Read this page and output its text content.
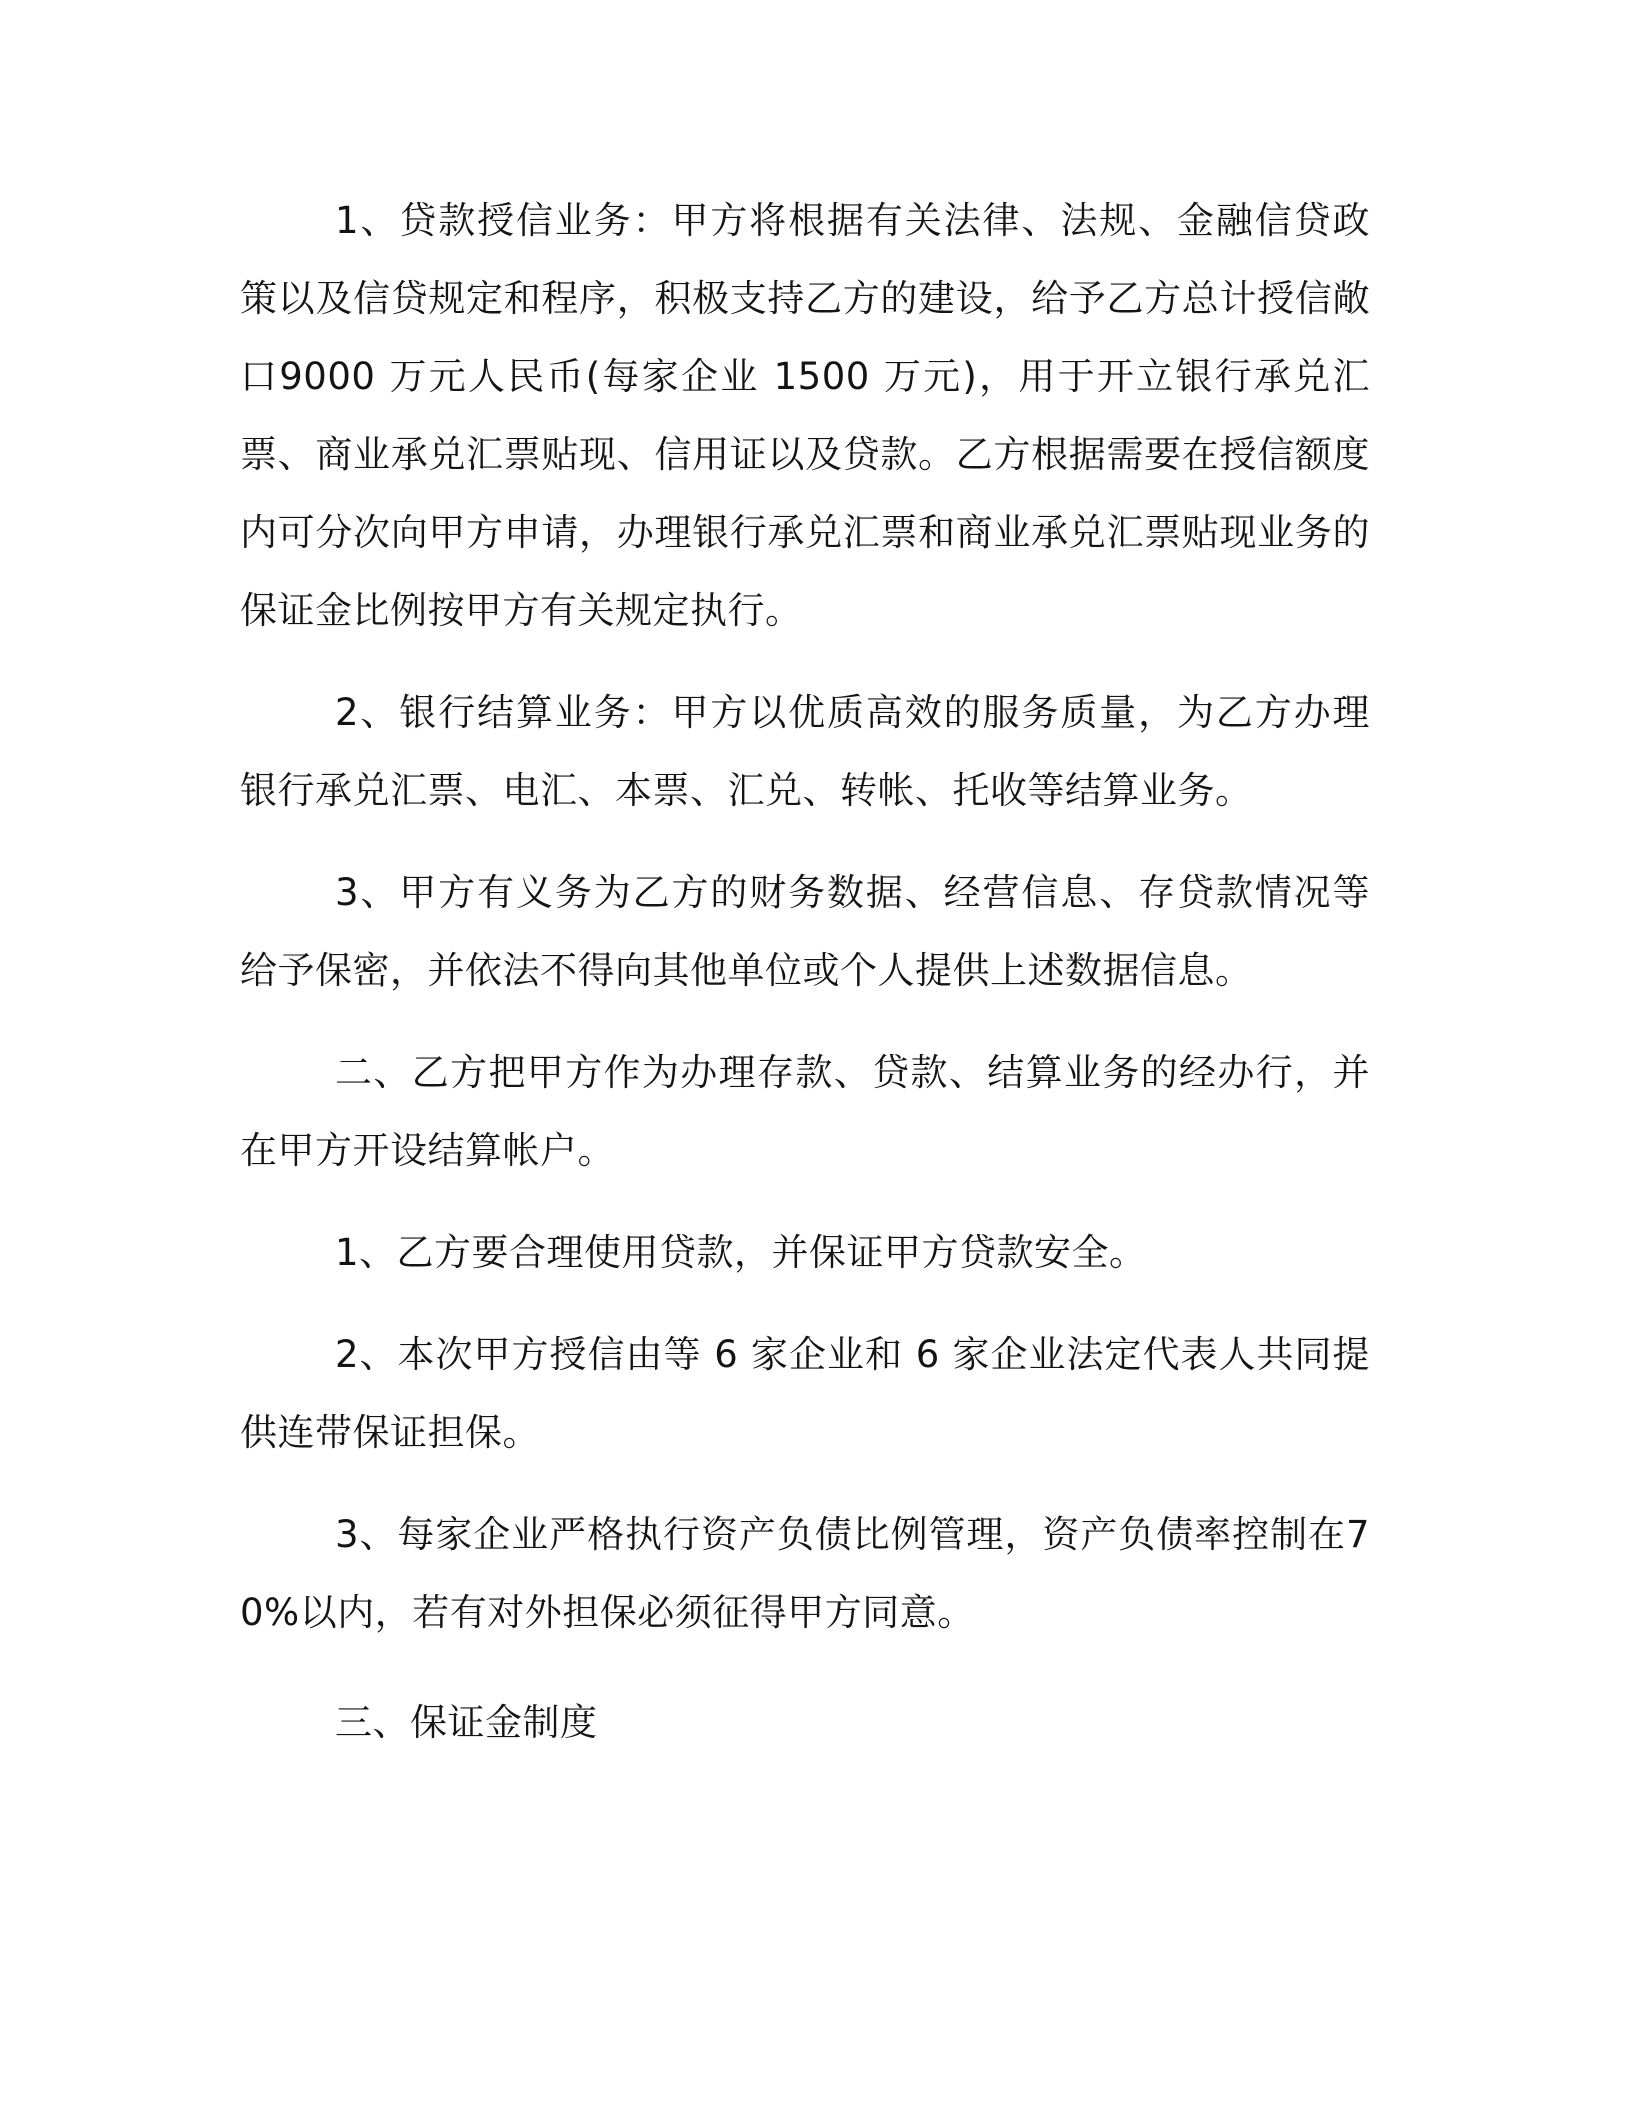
1、贷款授信业务：甲方将根据有关法律、法规、金融信贷政策以及信贷规定和程序，积极支持乙方的建设，给予乙方总计授信敞口9000 万元人民币(每家企业 1500 万元)，用于开立银行承兑汇票、商业承兑汇票贴现、信用证以及贷款。乙方根据需要在授信额度内可分次向甲方申请，办理银行承兑汇票和商业承兑汇票贴现业务的保证金比例按甲方有关规定执行。

2、银行结算业务：甲方以优质高效的服务质量，为乙方办理银行承兑汇票、电汇、本票、汇兑、转帐、托收等结算业务。

3、甲方有义务为乙方的财务数据、经营信息、存贷款情况等给予保密，并依法不得向其他单位或个人提供上述数据信息。

二、乙方把甲方作为办理存款、贷款、结算业务的经办行，并在甲方开设结算帐户。

1、乙方要合理使用贷款，并保证甲方贷款安全。

2、本次甲方授信由等 6 家企业和 6 家企业法定代表人共同提供连带保证担保。

3、每家企业严格执行资产负债比例管理，资产负债率控制在70%以内，若有对外担保必须征得甲方同意。

三、保证金制度
